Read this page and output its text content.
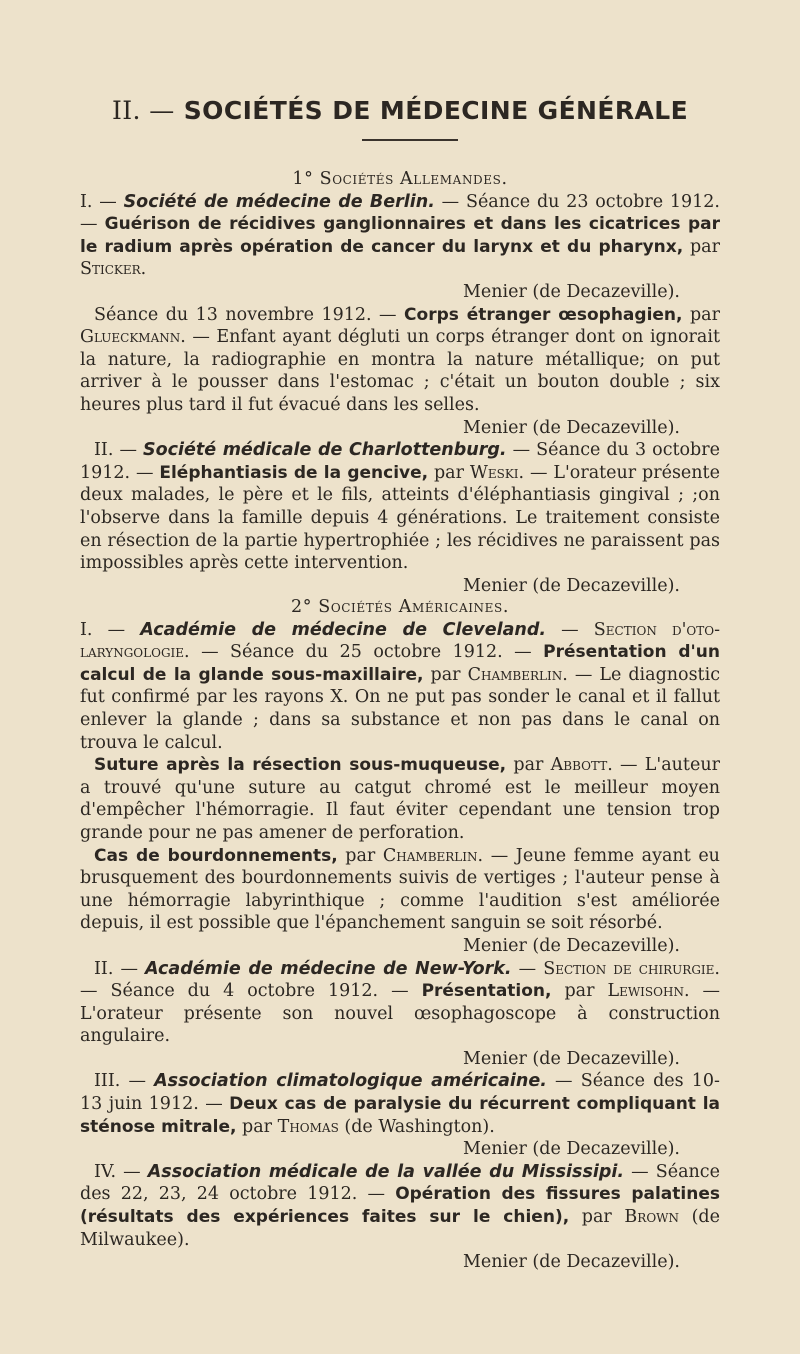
II. — SOCIÉTÉS DE MÉDECINE GÉNÉRALE
1° Sociétés Allemandes.

I. — Société de médecine de Berlin. — Séance du 23 octobre 1912. — Guérison de récidives ganglionnaires et dans les cicatrices par le radium après opération de cancer du larynx et du pharynx, par Sticker.

Menier (de Decazeville).

Séance du 13 novembre 1912. — Corps étranger œsophagien, par Glueckmann. — Enfant ayant dégluti un corps étranger dont on ignorait la nature, la radiographie en montra la nature métallique; on put arriver à le pousser dans l'estomac ; c'était un bouton double ; six heures plus tard il fut évacué dans les selles.

Menier (de Decazeville).

II. — Société médicale de Charlottenburg. — Séance du 3 octobre 1912. — Eléphantiasis de la gencive, par Weski. — L'orateur présente deux malades, le père et le fils, atteints d'éléphantiasis gingival ; ;on l'observe dans la famille depuis 4 générations. Le traitement consiste en résection de la partie hypertrophiée ; les récidives ne paraissent pas impossibles après cette intervention.

Menier (de Decazeville).
2° Sociétés Américaines.

I. — Académie de médecine de Cleveland. — Section d'oto-laryngologie. — Séance du 25 octobre 1912. — Présentation d'un calcul de la glande sous-maxillaire, par Chamberlin. — Le diagnostic fut confirmé par les rayons X. On ne put pas sonder le canal et il fallut enlever la glande ; dans sa substance et non pas dans le canal on trouva le calcul.

Suture après la résection sous-muqueuse, par Abbott. — L'auteur a trouvé qu'une suture au catgut chromé est le meilleur moyen d'empêcher l'hémorragie. Il faut éviter cependant une tension trop grande pour ne pas amener de perforation.

Cas de bourdonnements, par Chamberlin. — Jeune femme ayant eu brusquement des bourdonnements suivis de vertiges ; l'auteur pense à une hémorragie labyrinthique ; comme l'audition s'est améliorée depuis, il est possible que l'épanchement sanguin se soit résorbé.

Menier (de Decazeville).

II. — Académie de médecine de New-York. — Section de chirurgie. — Séance du 4 octobre 1912. — Présentation, par Lewisohn. — L'orateur présente son nouvel œsophagoscope à construction angulaire.

Menier (de Decazeville).

III. — Association climatologique américaine. — Séance des 10-13 juin 1912. — Deux cas de paralysie du récurrent compliquant la sténose mitrale, par Thomas (de Washington).

Menier (de Decazeville).

IV. — Association médicale de la vallée du Mississipi. — Séance des 22, 23, 24 octobre 1912. — Opération des fissures palatines (résultats des expériences faites sur le chien), par Brown (de Milwaukee).

Menier (de Decazeville).
